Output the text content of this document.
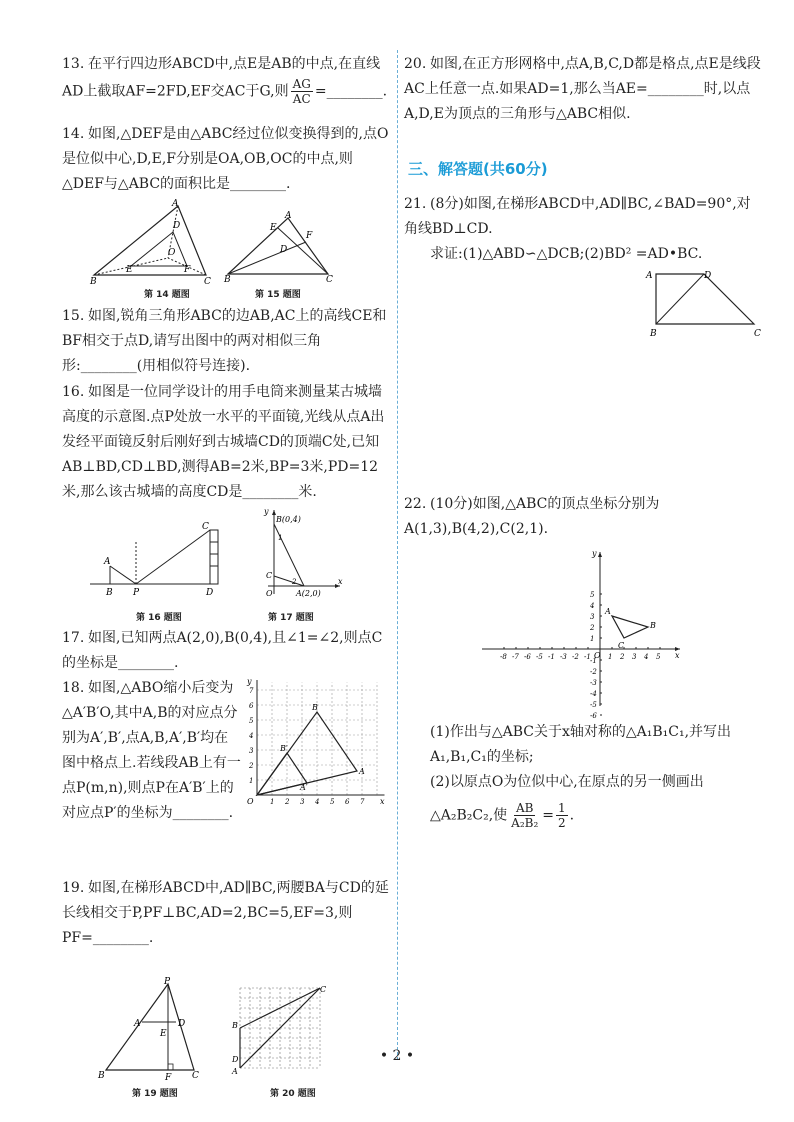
13. 在平行四边形ABCD中,点E是AB的中点,在直线AD上截取AF=2FD,EF交AC于G,则 $\frac{AG}{AC}$ =________.

14. 如图,△DEF是由△ABC经过位似变换得到的,点O是位似中心,D,E,F分别是OA,OB,OC的中点,则△DEF与△ABC的面积比是________.

A
B	C
D
E	F
O
第 14 题图
A
B	C
D
E
F
第 15 题图

15. 如图,锐角三角形ABC的边AB,AC上的高线CE和BF相交于点D,请写出图中的两对相似三角形:________(用相似符号连接).

16. 如图是一位同学设计的用手电筒来测量某古城墙高度的示意图.点P处放一水平的平面镜,光线从点A出发经平面镜反射后刚好到古城墙CD的顶端C处,已知AB⊥BD,CD⊥BD,测得AB=2米,BP=3米,PD=12米,那么该古城墙的高度CD是________米.

A
B P
C
D
第 16 题图
B(0,4)
y
x
C
O	A(2,0)
1
2
第 17 题图

17. 如图,已知两点A(2,0),B(0,4),且∠1=∠2,则点C的坐标是________.

18. 如图,△ABO缩小后变为△A′B′O,其中A,B的对应点分别为A′,B′,点A,B,A′,B′均在图中格点上.若线段AB上有一点P(m,n),则点P在A′B′上的对应点P′的坐标为________.

1 2 3 4 5 6 7
1
2
3
4
5
6
7
B
A
B′
A′
O	x
y

19. 如图,在梯形ABCD中,AD∥BC,两腰BA与CD的延长线相交于P,PF⊥BC,AD=2,BC=5,EF=3,则PF=________.

P
A	D
E
B	F C
第 19 题图
A
B
C
D
第 20 题图

20. 如图,在正方形网格中,点A,B,C,D都是格点,点E是线段AC上任意一点.如果AD=1,那么当AE=________时,以点A,D,E为顶点的三角形与△ABC相似.

三、解答题(共60分)

21. (8分)如图,在梯形ABCD中,AD∥BC,∠BAD=90°,对角线BD⊥CD.

求证:(1)△ABD∽△DCB;(2)BD² =AD•BC.

A	D
B	C

22. (10分)如图,△ABC的顶点坐标分别为A(1,3),B(4,2),C(2,1).

-8 -7 -6 -5 -1 -3 -2 -1 1 2 3 4 5
5
4
3
2
1
-1
-2
-3
-4
-5
-6
A
B
C
O	x
y

(1)作出与△ABC关于x轴对称的△A₁B₁C₁,并写出A₁,B₁,C₁的坐标;

(2)以原点O为位似中心,在原点的另一侧画出

△A₂B₂C₂,使 $\frac{AB}{\text{A₂B₂}} = \frac{1}{2}$ .

• 2 •
